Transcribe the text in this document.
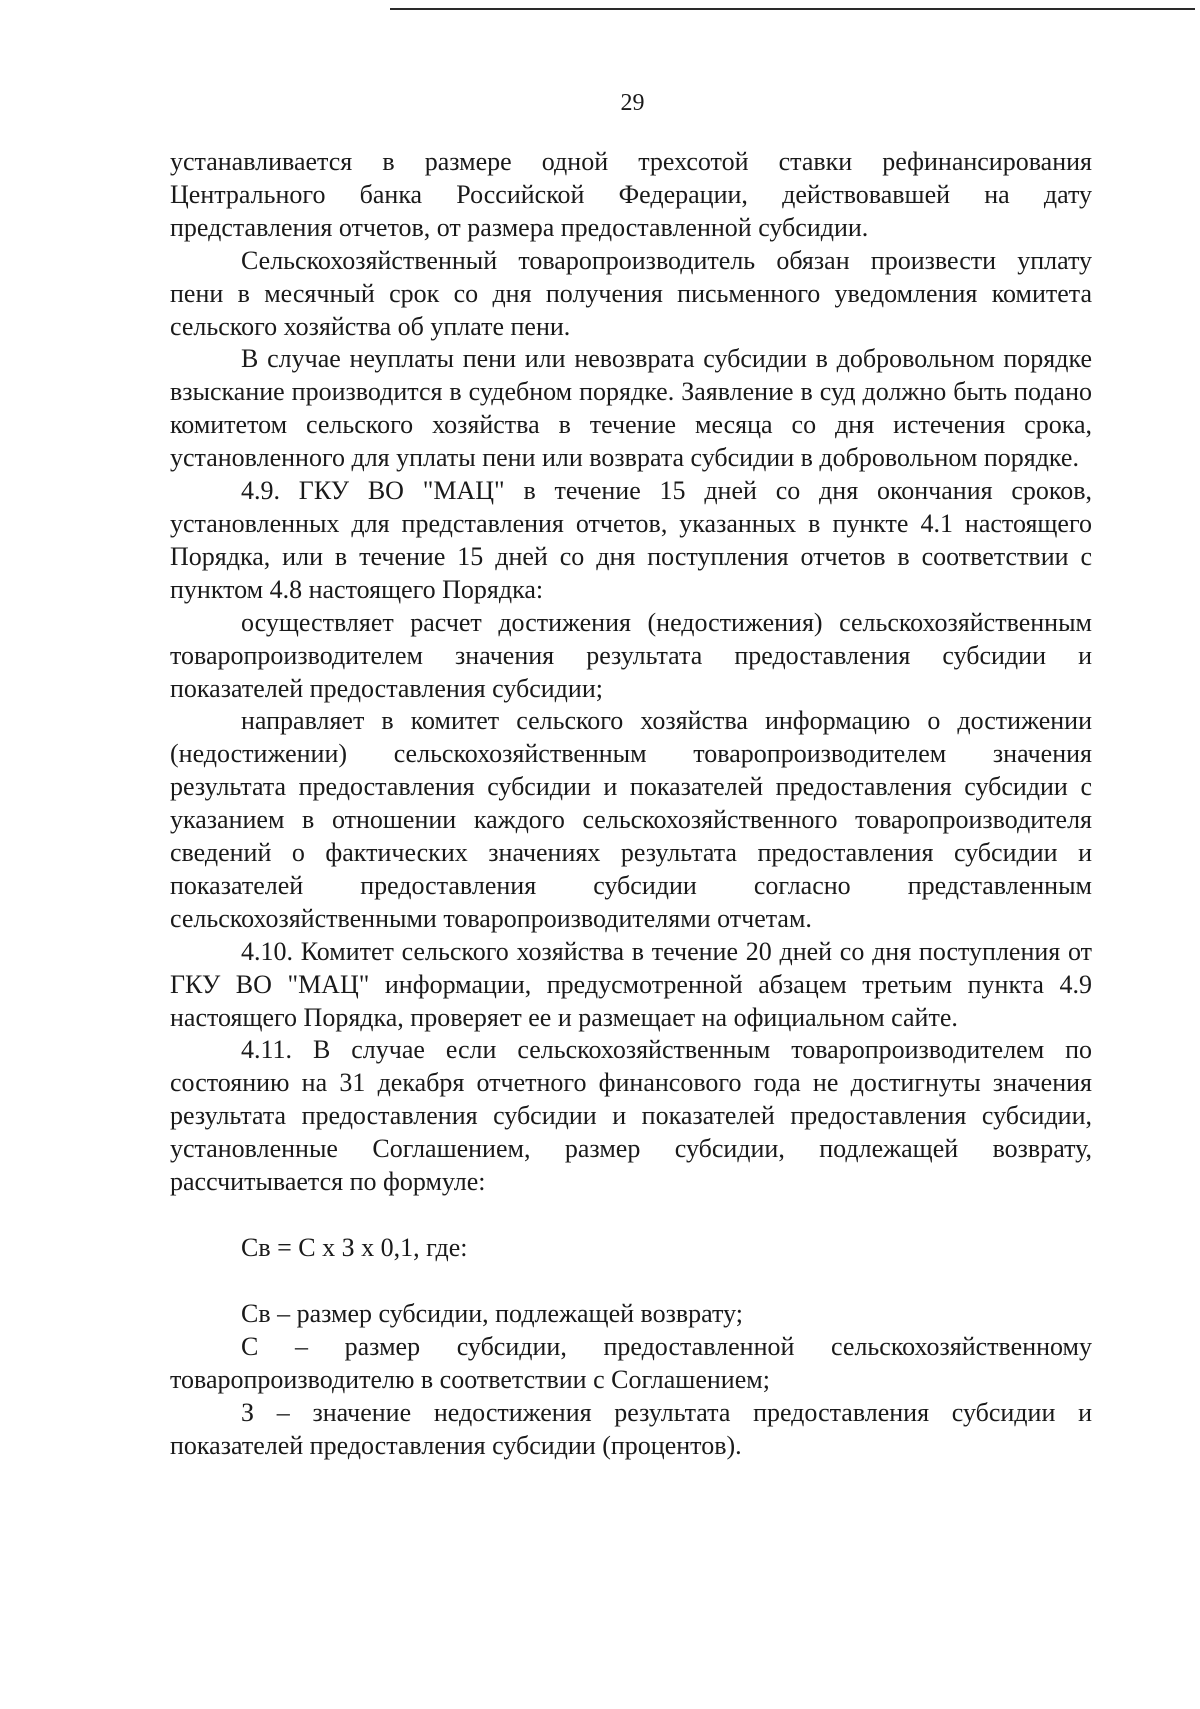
29

устанавливается в размере одной трехсотой ставки рефинансирования Центрального банка Российской Федерации, действовавшей на дату представления отчетов, от размера предоставленной субсидии.

Сельскохозяйственный товаропроизводитель обязан произвести уплату пени в месячный срок со дня получения письменного уведомления комитета сельского хозяйства об уплате пени.

В случае неуплаты пени или невозврата субсидии в добровольном порядке взыскание производится в судебном порядке. Заявление в суд должно быть подано комитетом сельского хозяйства в течение месяца со дня истечения срока, установленного для уплаты пени или возврата субсидии в добровольном порядке.

4.9. ГКУ ВО "МАЦ" в течение 15 дней со дня окончания сроков, установленных для представления отчетов, указанных в пункте 4.1 настоящего Порядка, или в течение 15 дней со дня поступления отчетов в соответствии с пунктом 4.8 настоящего Порядка:

осуществляет расчет достижения (недостижения) сельскохозяйственным товаропроизводителем значения результата предоставления субсидии и показателей предоставления субсидии;

направляет в комитет сельского хозяйства информацию о достижении (недостижении) сельскохозяйственным товаропроизводителем значения результата предоставления субсидии и показателей предоставления субсидии с указанием в отношении каждого сельскохозяйственного товаропроизводителя сведений о фактических значениях результата предоставления субсидии и показателей предоставления субсидии согласно представленным сельскохозяйственными товаропроизводителями отчетам.

4.10. Комитет сельского хозяйства в течение 20 дней со дня поступления от ГКУ ВО "МАЦ" информации, предусмотренной абзацем третьим пункта 4.9 настоящего Порядка, проверяет ее и размещает на официальном сайте.

4.11. В случае если сельскохозяйственным товаропроизводителем по состоянию на 31 декабря отчетного финансового года не достигнуты значения результата предоставления субсидии и показателей предоставления субсидии, установленные Соглашением, размер субсидии, подлежащей возврату, рассчитывается по формуле:

Св = С х З х 0,1, где:

Св – размер субсидии, подлежащей возврату;

С – размер субсидии, предоставленной сельскохозяйственному товаропроизводителю в соответствии с Соглашением;

З – значение недостижения результата предоставления субсидии и показателей предоставления субсидии (процентов).
